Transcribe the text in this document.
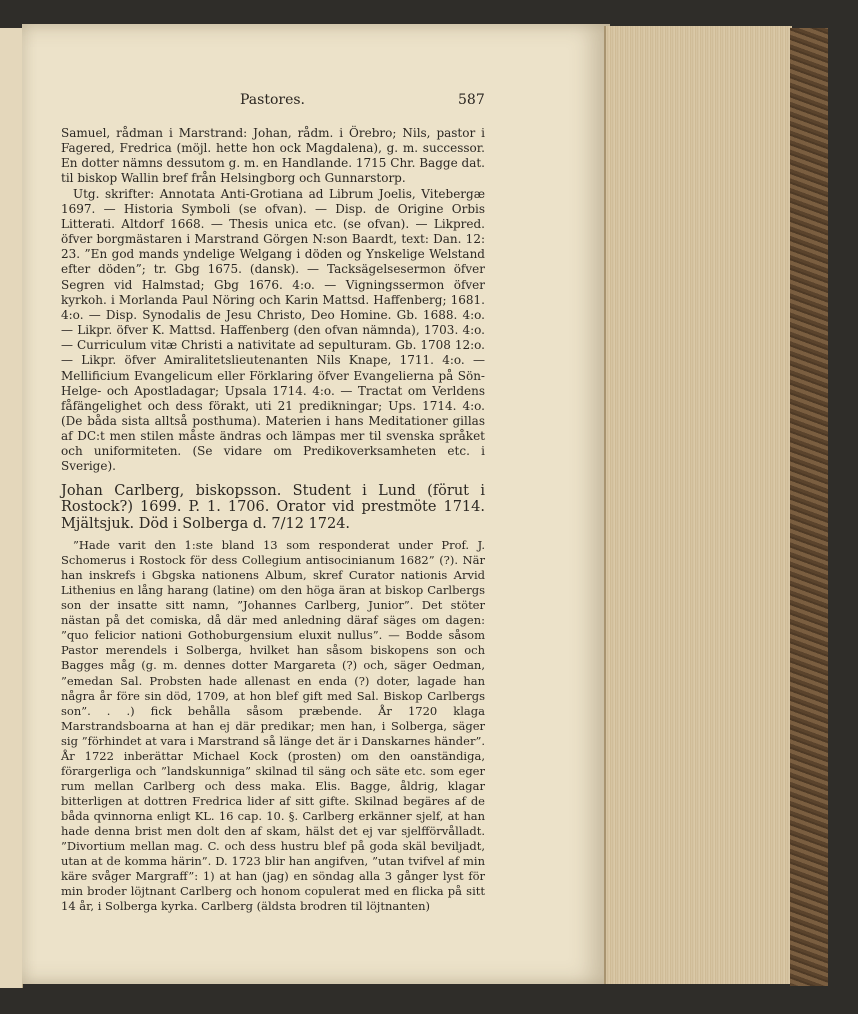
Pastores.	587

Samuel, rådman i Marstrand: Johan, rådm. i Örebro; Nils, pastor i Fagered, Fredrica (möjl. hette hon ock Magdalena), g. m. successor. En dotter nämns dessutom g. m. en Handlande. 1715 Chr. Bagge dat. til biskop Wallin bref från Helsingborg och Gunnarstorp.

Utg. skrifter: Annotata Anti-Grotiana ad Librum Joelis, Vitebergæ 1697. — Historia Symboli (se ofvan). — Disp. de Origine Orbis Litterati. Altdorf 1668. — Thesis unica etc. (se ofvan). — Likpred. öfver borgmästaren i Marstrand Görgen N:son Baardt, text: Dan. 12: 23. ”En god mands yndelige Welgang i döden og Ynskelige Welstand efter döden”; tr. Gbg 1675. (dansk). — Tacksägelsesermon öfver Segren vid Halmstad; Gbg 1676. 4:o. — Vigningssermon öfver kyrkoh. i Morlanda Paul Nöring och Karin Mattsd. Haffenberg; 1681. 4:o. — Disp. Synodalis de Jesu Christo, Deo Homine. Gb. 1688. 4:o. — Likpr. öfver K. Mattsd. Haffenberg (den ofvan nämnda), 1703. 4:o. — Curriculum vitæ Christi a nativitate ad sepulturam. Gb. 1708 12:o. — Likpr. öfver Amiralitetslieutenanten Nils Knape, 1711. 4:o. — Mellificium Evangelicum eller Förklaring öfver Evangelierna på Sön- Helge- och Apostladagar; Upsala 1714. 4:o. — Tractat om Verldens fåfängelighet och dess förakt, uti 21 predikningar; Ups. 1714. 4:o. (De båda sista alltså posthuma). Materien i hans Meditationer gillas af DC:t men stilen måste ändras och lämpas mer til svenska språket och uniformiteten. (Se vidare om Predikoverksamheten etc. i Sverige).

Johan Carlberg, biskopsson. Student i Lund (förut i Rostock?) 1699. P. 1. 1706. Orator vid prestmöte 1714. Mjältsjuk. Död i Solberga d. 7/12 1724.

”Hade varit den 1:ste bland 13 som responderat under Prof. J. Schomerus i Rostock för dess Collegium antisocinianum 1682” (?). När han inskrefs i Gbgska nationens Album, skref Curator nationis Arvid Lithenius en lång harang (latine) om den höga äran at biskop Carlbergs son der insatte sitt namn, ”Johannes Carlberg, Junior”. Det stöter nästan på det comiska, då där med anledning däraf säges om dagen: ”quo felicior nationi Gothoburgensium eluxit nullus”. — Bodde såsom Pastor merendels i Solberga, hvilket han såsom biskopens son och Bagges måg (g. m. dennes dotter Margareta (?) och, säger Oedman, ”emedan Sal. Probsten hade allenast en enda (?) doter, lagade han några år före sin död, 1709, at hon blef gift med Sal. Biskop Carlbergs son”. . .) fick behålla såsom præbende. År 1720 klaga Marstrandsboarna at han ej där predikar; men han, i Solberga, säger sig ”förhindet at vara i Marstrand så länge det är i Danskarnes händer”. År 1722 inberättar Michael Kock (prosten) om den oanständiga, förargerliga och ”landskunniga” skilnad til säng och säte etc. som eger rum mellan Carlberg och dess maka. Elis. Bagge, åldrig, klagar bitterligen at dottren Fredrica lider af sitt gifte. Skilnad begäres af de båda qvinnorna enligt KL. 16 cap. 10. §. Carlberg erkänner sjelf, at han hade denna brist men dolt den af skam, hälst det ej var sjelfförvålladt. ”Divortium mellan mag. C. och dess hustru blef på goda skäl beviljadt, utan at de komma härin”. D. 1723 blir han angifven, ”utan tvifvel af min käre svåger Margraff”: 1) at han (jag) en söndag alla 3 gånger lyst för min broder löjtnant Carlberg och honom copulerat med en flicka på sitt 14 år, i Solberga kyrka. Carlberg (äldsta brodren til löjtnanten)
